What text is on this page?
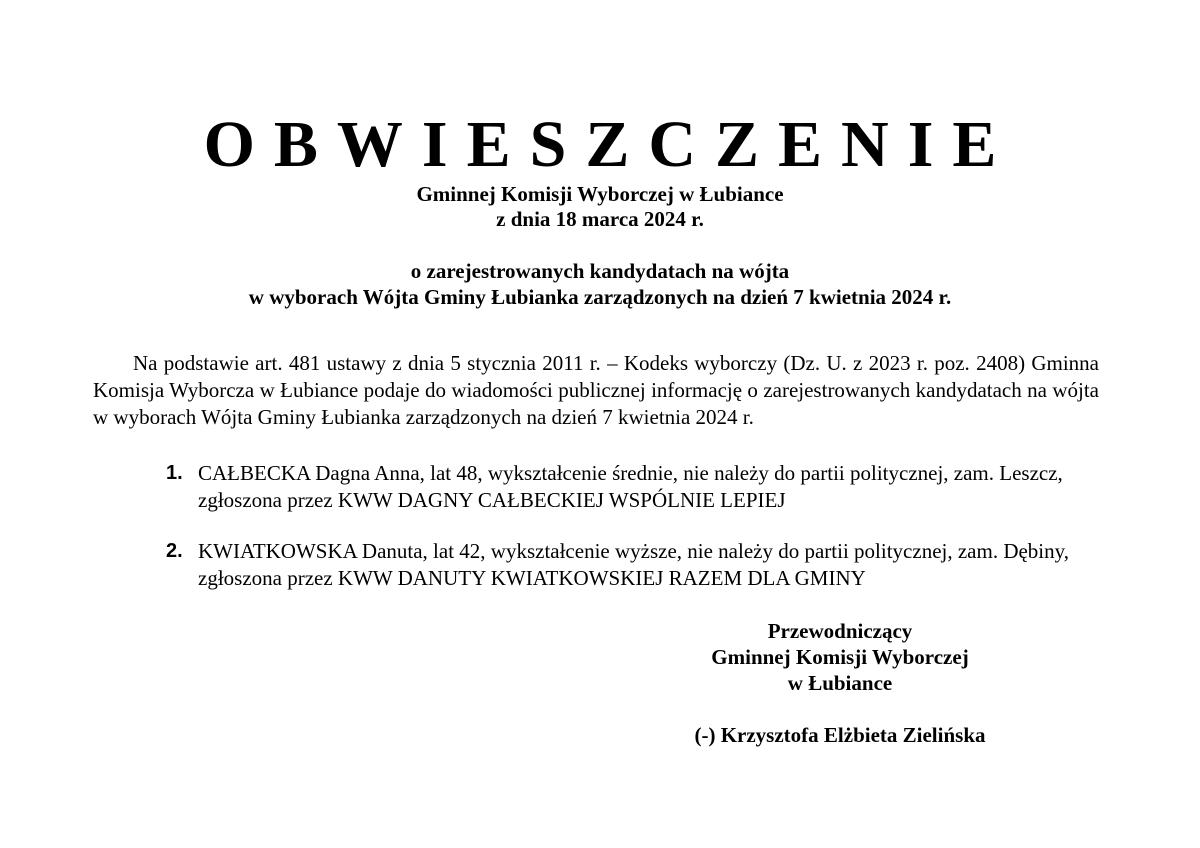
OBWIESZCZENIE
Gminnej Komisji Wyborczej w Łubiance
z dnia 18 marca 2024 r.
o zarejestrowanych kandydatach na wójta
w wyborach Wójta Gminy Łubianka zarządzonych na dzień 7 kwietnia 2024 r.
Na podstawie art. 481 ustawy z dnia 5 stycznia 2011 r. – Kodeks wyborczy (Dz. U. z 2023 r. poz. 2408) Gminna Komisja Wyborcza w Łubiance podaje do wiadomości publicznej informację o zarejestrowanych kandydatach na wójta w wyborach Wójta Gminy Łubianka zarządzonych na dzień 7 kwietnia 2024 r.
1. CAŁBECKA Dagna Anna, lat 48, wykształcenie średnie, nie należy do partii politycznej, zam. Leszcz,
zgłoszona przez KWW DAGNY CAŁBECKIEJ WSPÓLNIE LEPIEJ
2. KWIATKOWSKA Danuta, lat 42, wykształcenie wyższe, nie należy do partii politycznej, zam. Dębiny,
zgłoszona przez KWW DANUTY KWIATKOWSKIEJ RAZEM DLA GMINY
Przewodniczący
Gminnej Komisji Wyborczej
w Łubiance
(-) Krzysztofa Elżbieta Zielińska
